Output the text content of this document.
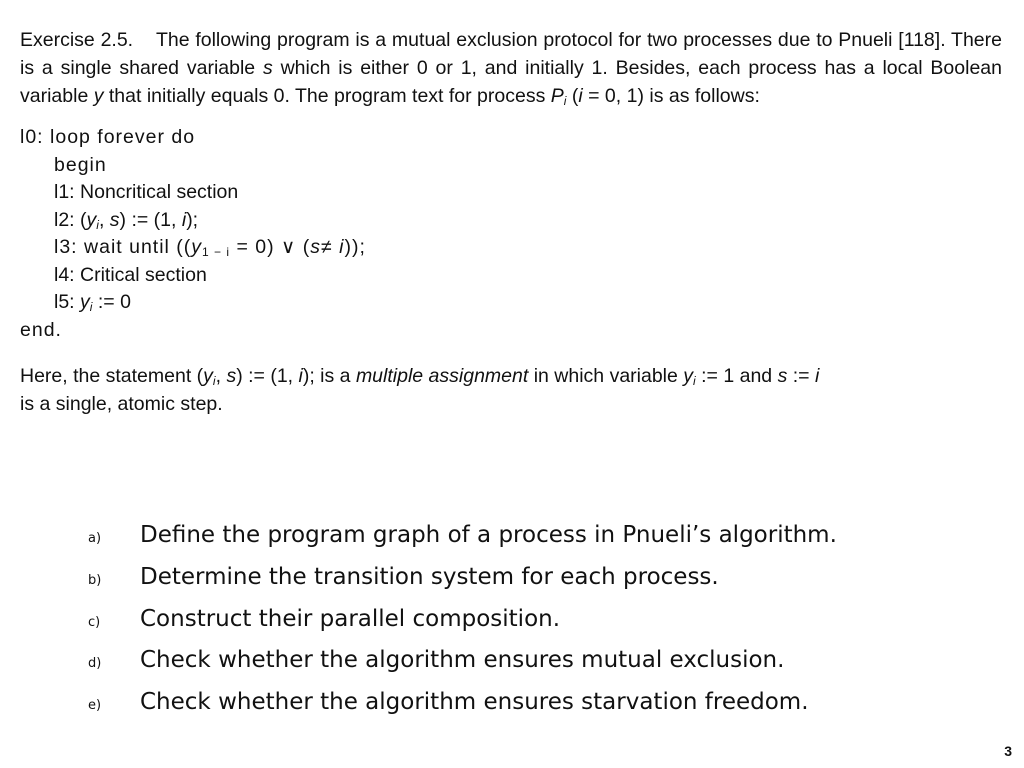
Exercise 2.5. The following program is a mutual exclusion protocol for two processes due to Pnueli [118]. There is a single shared variable s which is either 0 or 1, and initially 1. Besides, each process has a local Boolean variable y that initially equals 0. The program text for process $P_i$ (i = 0, 1) is as follows:

l0: loop forever do
begin
l1: Noncritical section
l2: ($y_i$, s) := (1, i);
l3: wait until ($(y_{1 - i} = 0)$ ∨ (s≠ i));
l4: Critical section
l5: $y_i$ := 0
end.

Here, the statement ($y_i$, s) := (1, i); is a multiple assignment in which variable $y_i$ := 1 and s := i
is a single, atomic step.

a)	Define the program graph of a process in Pnueli’s algorithm.
b)	Determine the transition system for each process.
c)	Construct their parallel composition.
d)	Check whether the algorithm ensures mutual exclusion.
e)	Check whether the algorithm ensures starvation freedom.
3
